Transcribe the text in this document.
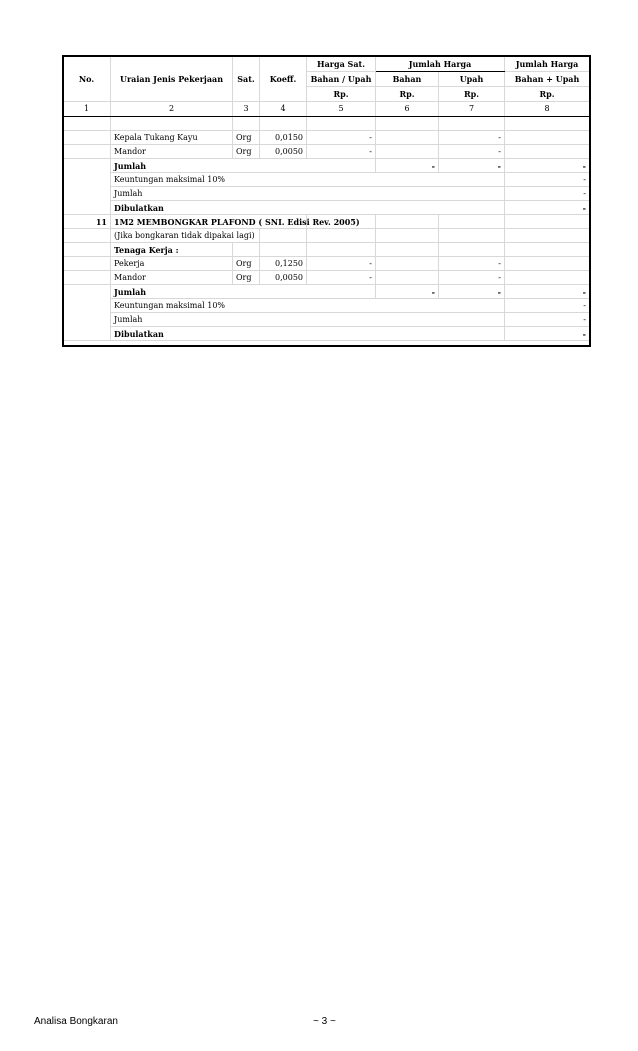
No.	Uraian Jenis Pekerjaan	Sat.	Koeff.	Harga Sat.	Jumlah Harga		Jumlah Harga
				Bahan / Upah	Bahan	Upah	Bahan + Upah
				Rp.	Rp.	Rp.	Rp.
1	2	3	4	5	6	7	8

	Kepala Tukang Kayu	Org	0,0150	-		-	
	Mandor	Org	0,0050	-		-	
	Jumlah				-	-	-
	Keuntungan maksimal 10%						-
	Jumlah						-
	Dibulatkan						-
11	1M2 MEMBONGKAR PLAFOND ( SNI. Edisi Rev. 2005)						
	(Jika bongkaran tidak dipakai lagi)						
	Tenaga Kerja :						
	Pekerja	Org	0,1250	-		-	
	Mandor	Org	0,0050	-		-	
	Jumlah				-	-	-
	Keuntungan maksimal 10%						-
	Jumlah						-
	Dibulatkan						-
Analisa Bongkaran	~ 3 ~
